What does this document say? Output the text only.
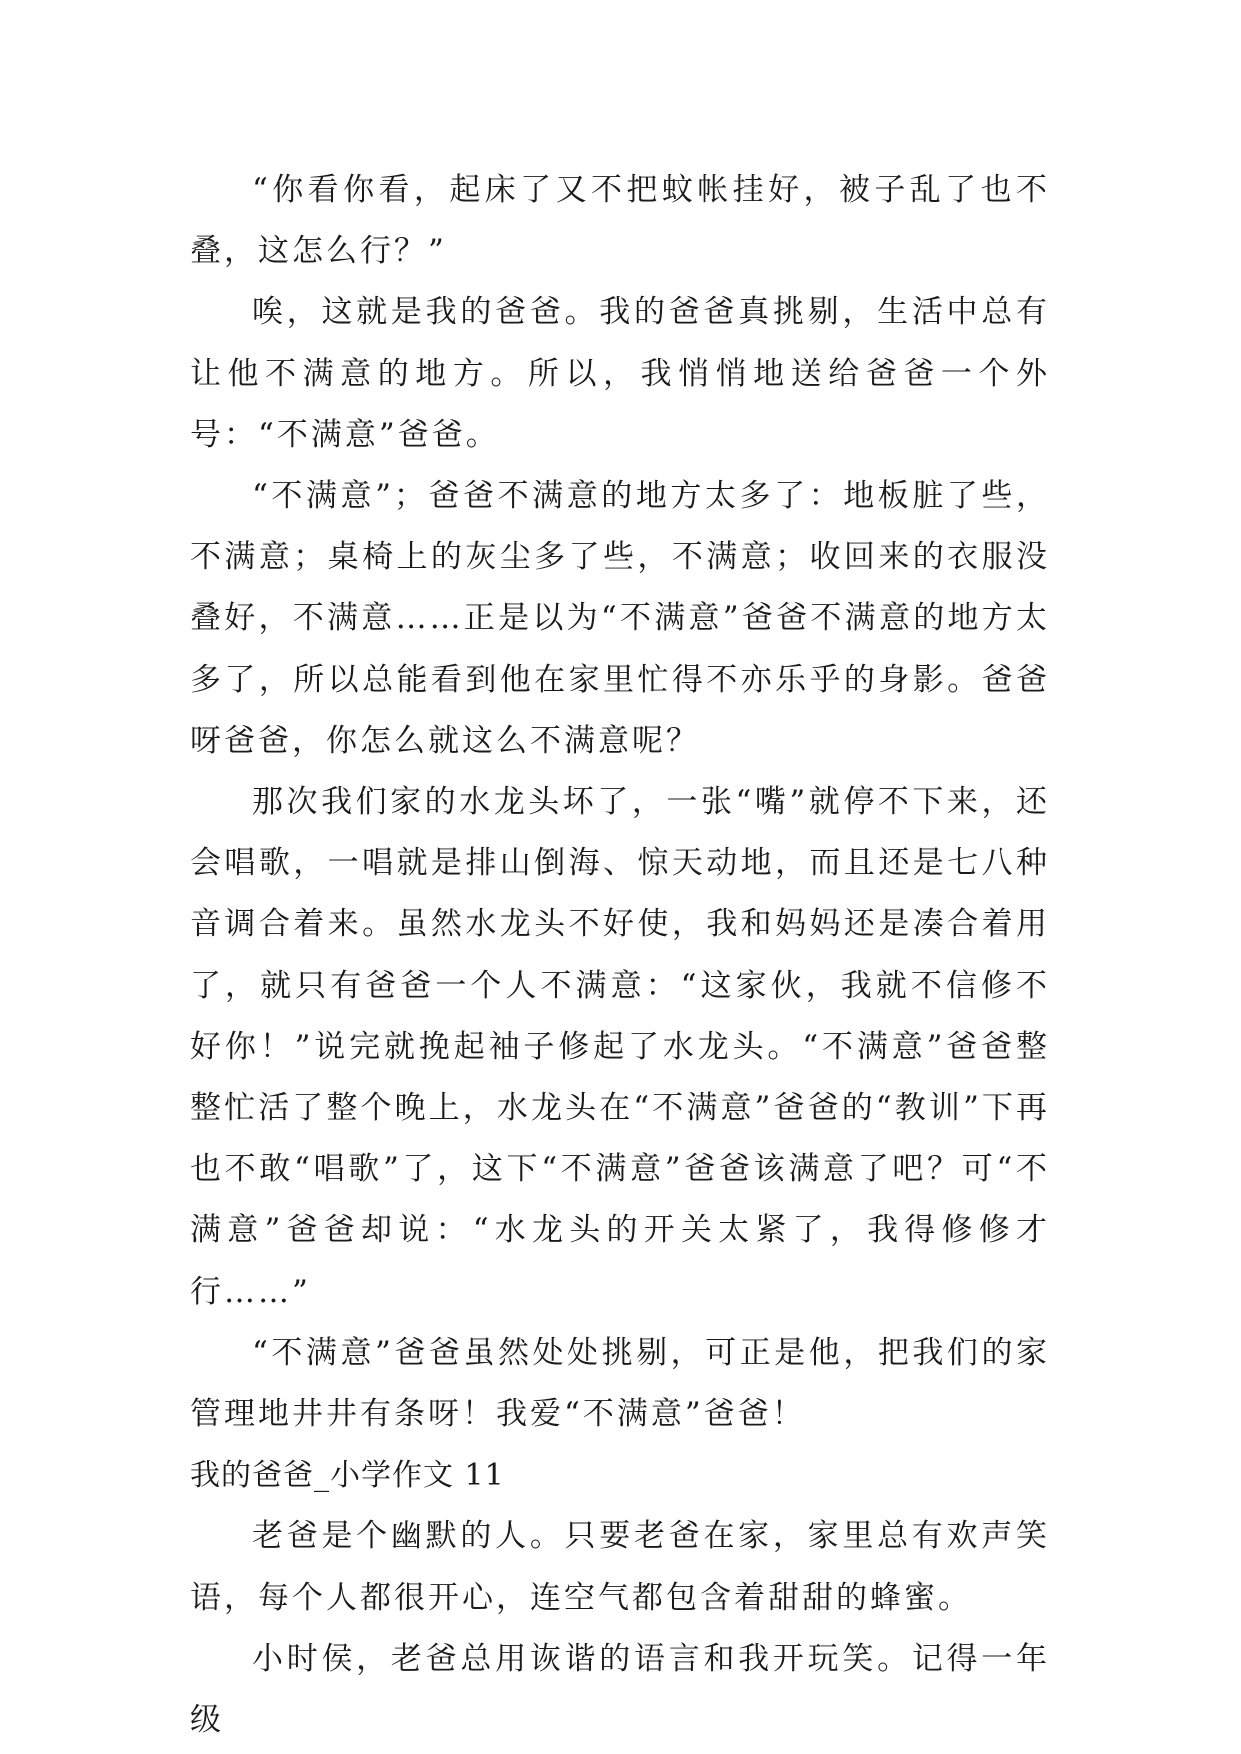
“你看你看，起床了又不把蚊帐挂好，被子乱了也不叠，这怎么行？”

唉，这就是我的爸爸。我的爸爸真挑剔，生活中总有让他不满意的地方。所以，我悄悄地送给爸爸一个外号：“不满意”爸爸。

“不满意”；爸爸不满意的地方太多了：地板脏了些，不满意；桌椅上的灰尘多了些，不满意；收回来的衣服没叠好，不满意……正是以为“不满意”爸爸不满意的地方太多了，所以总能看到他在家里忙得不亦乐乎的身影。爸爸呀爸爸，你怎么就这么不满意呢？

那次我们家的水龙头坏了，一张“嘴”就停不下来，还会唱歌，一唱就是排山倒海、惊天动地，而且还是七八种音调合着来。虽然水龙头不好使，我和妈妈还是凑合着用了，就只有爸爸一个人不满意：“这家伙，我就不信修不好你！”说完就挽起袖子修起了水龙头。“不满意”爸爸整整忙活了整个晚上，水龙头在“不满意”爸爸的“教训”下再也不敢“唱歌”了，这下“不满意”爸爸该满意了吧？可“不满意”爸爸却说：“水龙头的开关太紧了，我得修修才行……”

“不满意”爸爸虽然处处挑剔，可正是他，把我们的家管理地井井有条呀！我爱“不满意”爸爸！

我的爸爸_小学作文 11

老爸是个幽默的人。只要老爸在家，家里总有欢声笑语，每个人都很开心，连空气都包含着甜甜的蜂蜜。

小时侯，老爸总用诙谐的语言和我开玩笑。记得一年级
